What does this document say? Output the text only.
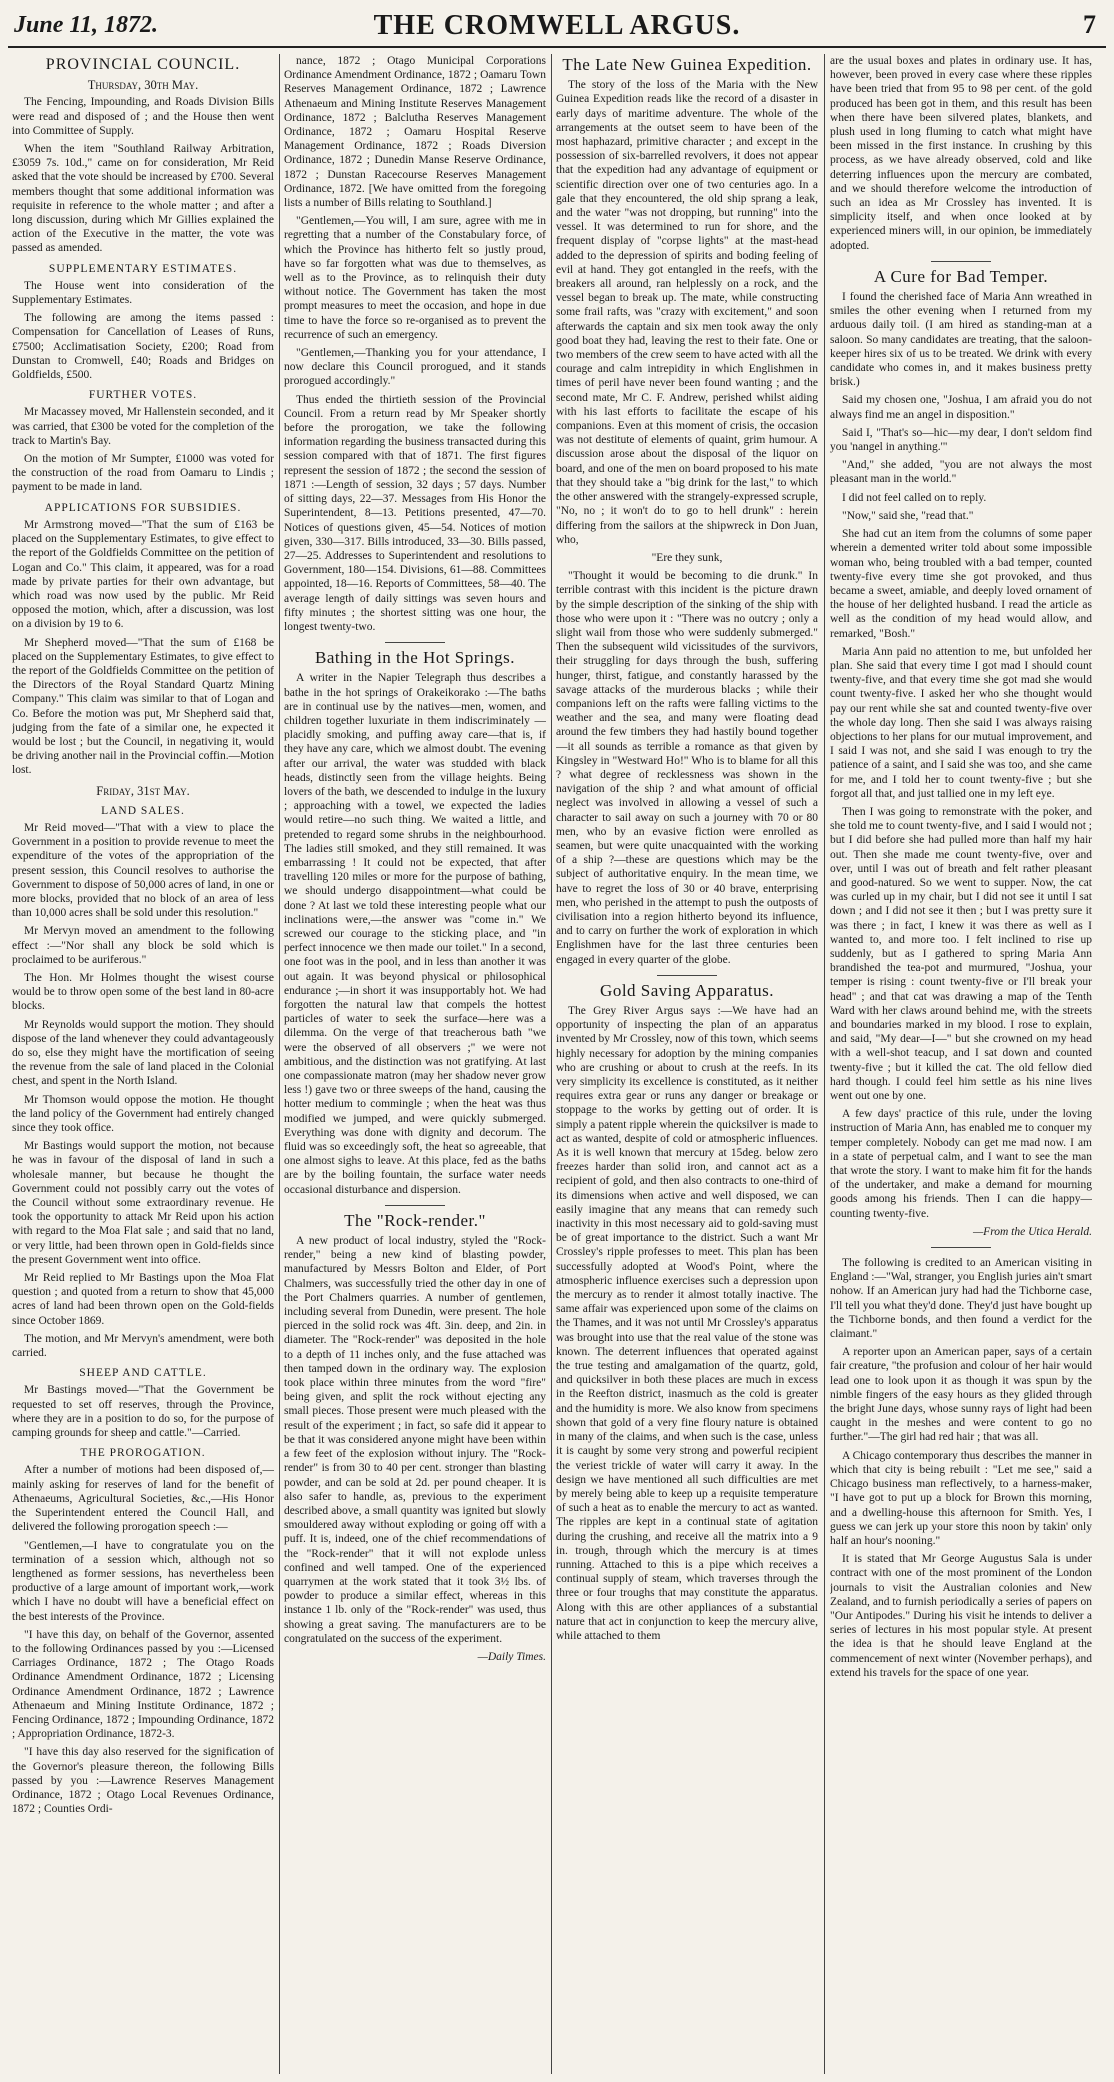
June 11, 1872.	THE CROMWELL ARGUS.	7
PROVINCIAL COUNCIL.
Thursday, 30th May.

The Fencing, Impounding, and Roads Division Bills were read and disposed of ; and the House then went into Committee of Supply.

When the item "Southland Railway Arbitration, £3059 7s. 10d.," came on for consideration, Mr Reid asked that the vote should be increased by £700. Several members thought that some additional information was requisite in reference to the whole matter ; and after a long discussion, during which Mr Gillies explained the action of the Executive in the matter, the vote was passed as amended.

SUPPLEMENTARY ESTIMATES.

The House went into consideration of the Supplementary Estimates.

The following are among the items passed : Compensation for Cancellation of Leases of Runs, £7500; Acclimatisation Society, £200; Road from Dunstan to Cromwell, £40; Roads and Bridges on Goldfields, £500.

FURTHER VOTES.

Mr Macassey moved, Mr Hallenstein seconded, and it was carried, that £300 be voted for the completion of the track to Martin's Bay.

On the motion of Mr Sumpter, £1000 was voted for the construction of the road from Oamaru to Lindis ; payment to be made in land.

APPLICATIONS FOR SUBSIDIES.

Mr Armstrong moved—"That the sum of £163 be placed on the Supplementary Estimates, to give effect to the report of the Goldfields Committee on the petition of Logan and Co." This claim, it appeared, was for a road made by private parties for their own advantage, but which road was now used by the public. Mr Reid opposed the motion, which, after a discussion, was lost on a division by 19 to 6.

Mr Shepherd moved—"That the sum of £168 be placed on the Supplementary Estimates, to give effect to the report of the Goldfields Committee on the petition of the Directors of the Royal Standard Quartz Mining Company." This claim was similar to that of Logan and Co. Before the motion was put, Mr Shepherd said that, judging from the fate of a similar one, he expected it would be lost ; but the Council, in negativing it, would be driving another nail in the Provincial coffin.—Motion lost.

Friday, 31st May.
LAND SALES.

Mr Reid moved—"That with a view to place the Government in a position to provide revenue to meet the expenditure of the votes of the appropriation of the present session, this Council resolves to authorise the Government to dispose of 50,000 acres of land, in one or more blocks, provided that no block of an area of less than 10,000 acres shall be sold under this resolution."

Mr Mervyn moved an amendment to the following effect :—"Nor shall any block be sold which is proclaimed to be auriferous."

The Hon. Mr Holmes thought the wisest course would be to throw open some of the best land in 80-acre blocks.

Mr Reynolds would support the motion. They should dispose of the land whenever they could advantageously do so, else they might have the mortification of seeing the revenue from the sale of land placed in the Colonial chest, and spent in the North Island.

Mr Thomson would oppose the motion. He thought the land policy of the Government had entirely changed since they took office.

Mr Bastings would support the motion, not because he was in favour of the disposal of land in such a wholesale manner, but because he thought the Government could not possibly carry out the votes of the Council without some extraordinary revenue. He took the opportunity to attack Mr Reid upon his action with regard to the Moa Flat sale ; and said that no land, or very little, had been thrown open in Gold-fields since the present Government went into office.

Mr Reid replied to Mr Bastings upon the Moa Flat question ; and quoted from a return to show that 45,000 acres of land had been thrown open on the Gold-fields since October 1869.

The motion, and Mr Mervyn's amendment, were both carried.

SHEEP AND CATTLE.

Mr Bastings moved—"That the Government be requested to set off reserves, through the Province, where they are in a position to do so, for the purpose of camping grounds for sheep and cattle."—Carried.

THE PROROGATION.

After a number of motions had been disposed of,—mainly asking for reserves of land for the benefit of Athenaeums, Agricultural Societies, &c.,—His Honor the Superintendent entered the Council Hall, and delivered the following prorogation speech :—

"Gentlemen,—I have to congratulate you on the termination of a session which, although not so lengthened as former sessions, has nevertheless been productive of a large amount of important work,—work which I have no doubt will have a beneficial effect on the best interests of the Province.

"I have this day, on behalf of the Governor, assented to the following Ordinances passed by you :—Licensed Carriages Ordinance, 1872 ; The Otago Roads Ordinance Amendment Ordinance, 1872 ; Licensing Ordinance Amendment Ordinance, 1872 ; Lawrence Athenaeum and Mining Institute Ordinance, 1872 ; Fencing Ordinance, 1872 ; Impounding Ordinance, 1872 ; Appropriation Ordinance, 1872-3.

"I have this day also reserved for the signification of the Governor's pleasure thereon, the following Bills passed by you :—Lawrence Reserves Management Ordinance, 1872 ; Otago Local Revenues Ordinance, 1872 ; Counties Ordi-

nance, 1872 ; Otago Municipal Corporations Ordinance Amendment Ordinance, 1872 ; Oamaru Town Reserves Management Ordinance, 1872 ; Lawrence Athenaeum and Mining Institute Reserves Management Ordinance, 1872 ; Balclutha Reserves Management Ordinance, 1872 ; Oamaru Hospital Reserve Management Ordinance, 1872 ; Roads Diversion Ordinance, 1872 ; Dunedin Manse Reserve Ordinance, 1872 ; Dunstan Racecourse Reserves Management Ordinance, 1872. [We have omitted from the foregoing lists a number of Bills relating to Southland.]

"Gentlemen,—You will, I am sure, agree with me in regretting that a number of the Constabulary force, of which the Province has hitherto felt so justly proud, have so far forgotten what was due to themselves, as well as to the Province, as to relinquish their duty without notice. The Government has taken the most prompt measures to meet the occasion, and hope in due time to have the force so re-organised as to prevent the recurrence of such an emergency.

"Gentlemen,—Thanking you for your attendance, I now declare this Council prorogued, and it stands prorogued accordingly."

Thus ended the thirtieth session of the Provincial Council. From a return read by Mr Speaker shortly before the prorogation, we take the following information regarding the business transacted during this session compared with that of 1871. The first figures represent the session of 1872 ; the second the session of 1871 :—Length of session, 32 days ; 57 days. Number of sitting days, 22—37. Messages from His Honor the Superintendent, 8—13. Petitions presented, 47—70. Notices of questions given, 45—54. Notices of motion given, 330—317. Bills introduced, 33—30. Bills passed, 27—25. Addresses to Superintendent and resolutions to Government, 180—154. Divisions, 61—88. Committees appointed, 18—16. Reports of Committees, 58—40. The average length of daily sittings was seven hours and fifty minutes ; the shortest sitting was one hour, the longest twenty-two.

Bathing in the Hot Springs.

A writer in the Napier Telegraph thus describes a bathe in the hot springs of Orakeikorako :—The baths are in continual use by the natives—men, women, and children together luxuriate in them indiscriminately —placidly smoking, and puffing away care—that is, if they have any care, which we almost doubt. The evening after our arrival, the water was studded with black heads, distinctly seen from the village heights. Being lovers of the bath, we descended to indulge in the luxury ; approaching with a towel, we expected the ladies would retire—no such thing. We waited a little, and pretended to regard some shrubs in the neighbourhood. The ladies still smoked, and they still remained. It was embarrassing ! It could not be expected, that after travelling 120 miles or more for the purpose of bathing, we should undergo disappointment—what could be done ? At last we told these interesting people what our inclinations were,—the answer was "come in." We screwed our courage to the sticking place, and "in perfect innocence we then made our toilet." In a second, one foot was in the pool, and in less than another it was out again. It was beyond physical or philosophical endurance ;—in short it was insupportably hot. We had forgotten the natural law that compels the hottest particles of water to seek the surface—here was a dilemma. On the verge of that treacherous bath "we were the observed of all observers ;" we were not ambitious, and the distinction was not gratifying. At last one compassionate matron (may her shadow never grow less !) gave two or three sweeps of the hand, causing the hotter medium to commingle ; when the heat was thus modified we jumped, and were quickly submerged. Everything was done with dignity and decorum. The fluid was so exceedingly soft, the heat so agreeable, that one almost sighs to leave. At this place, fed as the baths are by the boiling fountain, the surface water needs occasional disturbance and dispersion.

The "Rock-render."

A new product of local industry, styled the "Rock-render," being a new kind of blasting powder, manufactured by Messrs Bolton and Elder, of Port Chalmers, was successfully tried the other day in one of the Port Chalmers quarries. A number of gentlemen, including several from Dunedin, were present. The hole pierced in the solid rock was 4ft. 3in. deep, and 2in. in diameter. The "Rock-render" was deposited in the hole to a depth of 11 inches only, and the fuse attached was then tamped down in the ordinary way. The explosion took place within three minutes from the word "fire" being given, and split the rock without ejecting any small pieces. Those present were much pleased with the result of the experiment ; in fact, so safe did it appear to be that it was considered anyone might have been within a few feet of the explosion without injury. The "Rock-render" is from 30 to 40 per cent. stronger than blasting powder, and can be sold at 2d. per pound cheaper. It is also safer to handle, as, previous to the experiment described above, a small quantity was ignited but slowly smouldered away without exploding or going off with a puff. It is, indeed, one of the chief recommendations of the "Rock-render" that it will not explode unless confined and well tamped. One of the experienced quarrymen at the work stated that it took 3½ lbs. of powder to produce a similar effect, whereas in this instance 1 lb. only of the "Rock-render" was used, thus showing a great saving. The manufacturers are to be congratulated on the success of the experiment.

—Daily Times.

The Late New Guinea Expedition.

The story of the loss of the Maria with the New Guinea Expedition reads like the record of a disaster in early days of maritime adventure. The whole of the arrangements at the outset seem to have been of the most haphazard, primitive character ; and except in the possession of six-barrelled revolvers, it does not appear that the expedition had any advantage of equipment or scientific direction over one of two centuries ago. In a gale that they encountered, the old ship sprang a leak, and the water "was not dropping, but running" into the vessel. It was determined to run for shore, and the frequent display of "corpse lights" at the mast-head added to the depression of spirits and boding feeling of evil at hand. They got entangled in the reefs, with the breakers all around, ran helplessly on a rock, and the vessel began to break up. The mate, while constructing some frail rafts, was "crazy with excitement," and soon afterwards the captain and six men took away the only good boat they had, leaving the rest to their fate. One or two members of the crew seem to have acted with all the courage and calm intrepidity in which Englishmen in times of peril have never been found wanting ; and the second mate, Mr C. F. Andrew, perished whilst aiding with his last efforts to facilitate the escape of his companions. Even at this moment of crisis, the occasion was not destitute of elements of quaint, grim humour. A discussion arose about the disposal of the liquor on board, and one of the men on board proposed to his mate that they should take a "big drink for the last," to which the other answered with the strangely-expressed scruple, "No, no ; it won't do to go to hell drunk" : herein differing from the sailors at the shipwreck in Don Juan, who,

"Ere they sunk,

"Thought it would be becoming to die drunk." In terrible contrast with this incident is the picture drawn by the simple description of the sinking of the ship with those who were upon it : "There was no outcry ; only a slight wail from those who were suddenly submerged." Then the subsequent wild vicissitudes of the survivors, their struggling for days through the bush, suffering hunger, thirst, fatigue, and constantly harassed by the savage attacks of the murderous blacks ; while their companions left on the rafts were falling victims to the weather and the sea, and many were floating dead around the few timbers they had hastily bound together—it all sounds as terrible a romance as that given by Kingsley in "Westward Ho!" Who is to blame for all this ? what degree of recklessness was shown in the navigation of the ship ? and what amount of official neglect was involved in allowing a vessel of such a character to sail away on such a journey with 70 or 80 men, who by an evasive fiction were enrolled as seamen, but were quite unacquainted with the working of a ship ?—these are questions which may be the subject of authoritative enquiry. In the mean time, we have to regret the loss of 30 or 40 brave, enterprising men, who perished in the attempt to push the outposts of civilisation into a region hitherto beyond its influence, and to carry on further the work of exploration in which Englishmen have for the last three centuries been engaged in every quarter of the globe.

Gold Saving Apparatus.

The Grey River Argus says :—We have had an opportunity of inspecting the plan of an apparatus invented by Mr Crossley, now of this town, which seems highly necessary for adoption by the mining companies who are crushing or about to crush at the reefs. In its very simplicity its excellence is constituted, as it neither requires extra gear or runs any danger or breakage or stoppage to the works by getting out of order. It is simply a patent ripple wherein the quicksilver is made to act as wanted, despite of cold or atmospheric influences. As it is well known that mercury at 15deg. below zero freezes harder than solid iron, and cannot act as a recipient of gold, and then also contracts to one-third of its dimensions when active and well disposed, we can easily imagine that any means that can remedy such inactivity in this most necessary aid to gold-saving must be of great importance to the district. Such a want Mr Crossley's ripple professes to meet. This plan has been successfully adopted at Wood's Point, where the atmospheric influence exercises such a depression upon the mercury as to render it almost totally inactive. The same affair was experienced upon some of the claims on the Thames, and it was not until Mr Crossley's apparatus was brought into use that the real value of the stone was known. The deterrent influences that operated against the true testing and amalgamation of the quartz, gold, and quicksilver in both these places are much in excess in the Reefton district, inasmuch as the cold is greater and the humidity is more. We also know from specimens shown that gold of a very fine floury nature is obtained in many of the claims, and when such is the case, unless it is caught by some very strong and powerful recipient the veriest trickle of water will carry it away. In the design we have mentioned all such difficulties are met by merely being able to keep up a requisite temperature of such a heat as to enable the mercury to act as wanted. The ripples are kept in a continual state of agitation during the crushing, and receive all the matrix into a 9 in. trough, through which the mercury is at times running. Attached to this is a pipe which receives a continual supply of steam, which traverses through the three or four troughs that may constitute the apparatus. Along with this are other appliances of a substantial nature that act in conjunction to keep the mercury alive, while attached to them

are the usual boxes and plates in ordinary use. It has, however, been proved in every case where these ripples have been tried that from 95 to 98 per cent. of the gold produced has been got in them, and this result has been when there have been silvered plates, blankets, and plush used in long fluming to catch what might have been missed in the first instance. In crushing by this process, as we have already observed, cold and like deterring influences upon the mercury are combated, and we should therefore welcome the introduction of such an idea as Mr Crossley has invented. It is simplicity itself, and when once looked at by experienced miners will, in our opinion, be immediately adopted.

A Cure for Bad Temper.

I found the cherished face of Maria Ann wreathed in smiles the other evening when I returned from my arduous daily toil. (I am hired as standing-man at a saloon. So many candidates are treating, that the saloon-keeper hires six of us to be treated. We drink with every candidate who comes in, and it makes business pretty brisk.)

Said my chosen one, "Joshua, I am afraid you do not always find me an angel in disposition."

Said I, "That's so—hic—my dear, I don't seldom find you 'nangel in anything.'"

"And," she added, "you are not always the most pleasant man in the world."

I did not feel called on to reply.

"Now," said she, "read that."

She had cut an item from the columns of some paper wherein a demented writer told about some impossible woman who, being troubled with a bad temper, counted twenty-five every time she got provoked, and thus became a sweet, amiable, and deeply loved ornament of the house of her delighted husband. I read the article as well as the condition of my head would allow, and remarked, "Bosh."

Maria Ann paid no attention to me, but unfolded her plan. She said that every time I got mad I should count twenty-five, and that every time she got mad she would count twenty-five. I asked her who she thought would pay our rent while she sat and counted twenty-five over the whole day long. Then she said I was always raising objections to her plans for our mutual improvement, and I said I was not, and she said I was enough to try the patience of a saint, and I said she was too, and she came for me, and I told her to count twenty-five ; but she forgot all that, and just tallied one in my left eye.

Then I was going to remonstrate with the poker, and she told me to count twenty-five, and I said I would not ; but I did before she had pulled more than half my hair out. Then she made me count twenty-five, over and over, until I was out of breath and felt rather pleasant and good-natured. So we went to supper. Now, the cat was curled up in my chair, but I did not see it until I sat down ; and I did not see it then ; but I was pretty sure it was there ; in fact, I knew it was there as well as I wanted to, and more too. I felt inclined to rise up suddenly, but as I gathered to spring Maria Ann brandished the tea-pot and murmured, "Joshua, your temper is rising : count twenty-five or I'll break your head" ; and that cat was drawing a map of the Tenth Ward with her claws around behind me, with the streets and boundaries marked in my blood. I rose to explain, and said, "My dear—I—" but she crowned on my head with a well-shot teacup, and I sat down and counted twenty-five ; but it killed the cat. The old fellow died hard though. I could feel him settle as his nine lives went out one by one.

A few days' practice of this rule, under the loving instruction of Maria Ann, has enabled me to conquer my temper completely. Nobody can get me mad now. I am in a state of perpetual calm, and I want to see the man that wrote the story. I want to make him fit for the hands of the undertaker, and make a demand for mourning goods among his friends. Then I can die happy—counting twenty-five.

—From the Utica Herald.

The following is credited to an American visiting in England :—"Wal, stranger, you English juries ain't smart nohow. If an American jury had had the Tichborne case, I'll tell you what they'd done. They'd just have bought up the Tichborne bonds, and then found a verdict for the claimant."

A reporter upon an American paper, says of a certain fair creature, "the profusion and colour of her hair would lead one to look upon it as though it was spun by the nimble fingers of the easy hours as they glided through the bright June days, whose sunny rays of light had been caught in the meshes and were content to go no further."—The girl had red hair ; that was all.

A Chicago contemporary thus describes the manner in which that city is being rebuilt : "Let me see," said a Chicago business man reflectively, to a harness-maker, "I have got to put up a block for Brown this morning, and a dwelling-house this afternoon for Smith. Yes, I guess we can jerk up your store this noon by takin' only half an hour's nooning."

It is stated that Mr George Augustus Sala is under contract with one of the most prominent of the London journals to visit the Australian colonies and New Zealand, and to furnish periodically a series of papers on "Our Antipodes." During his visit he intends to deliver a series of lectures in his most popular style. At present the idea is that he should leave England at the commencement of next winter (November perhaps), and extend his travels for the space of one year.
